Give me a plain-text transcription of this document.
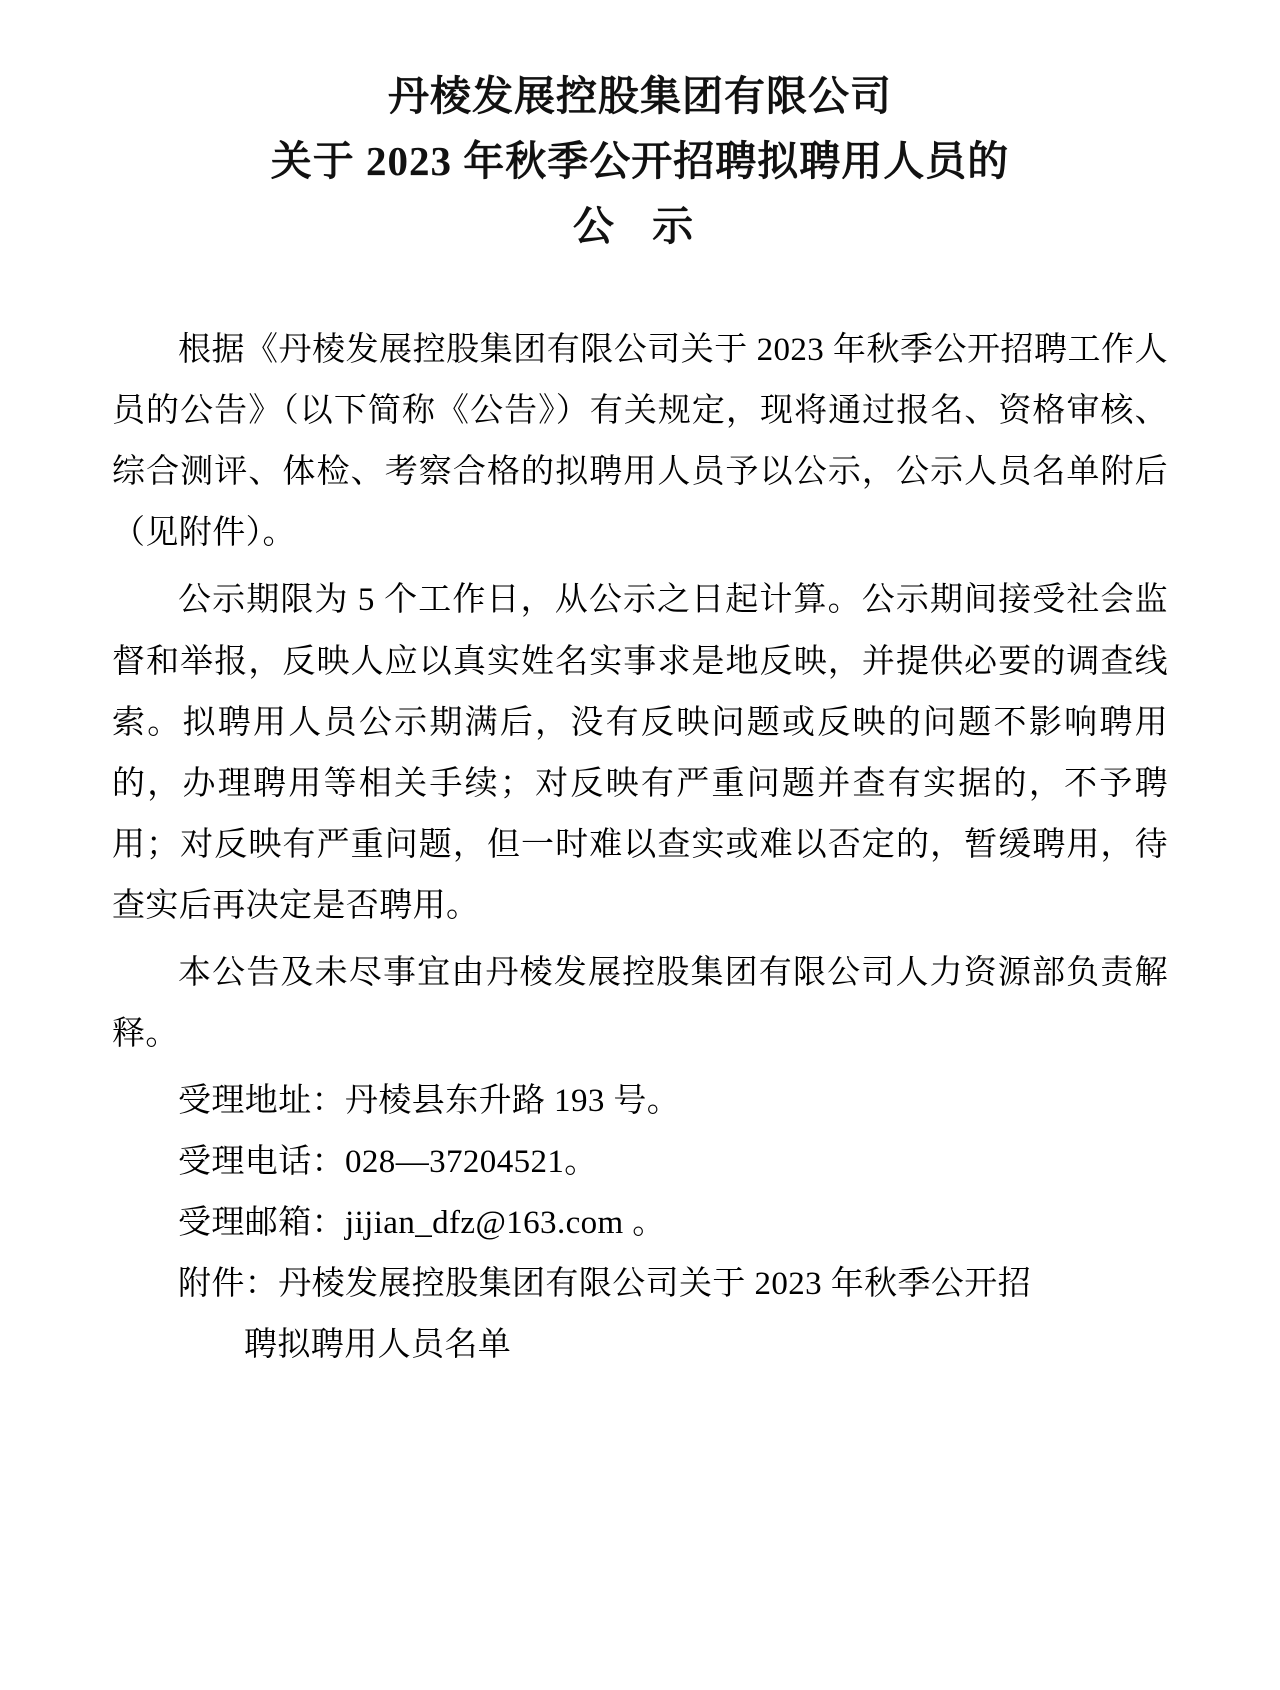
丹棱发展控股集团有限公司
关于 2023 年秋季公开招聘拟聘用人员的
公 示

根据《丹棱发展控股集团有限公司关于 2023 年秋季公开招聘工作人员的公告》（以下简称《公告》）有关规定，现将通过报名、资格审核、综合测评、体检、考察合格的拟聘用人员予以公示，公示人员名单附后（见附件）。

公示期限为 5 个工作日，从公示之日起计算。公示期间接受社会监督和举报，反映人应以真实姓名实事求是地反映，并提供必要的调查线索。拟聘用人员公示期满后，没有反映问题或反映的问题不影响聘用的，办理聘用等相关手续；对反映有严重问题并查有实据的，不予聘用；对反映有严重问题，但一时难以查实或难以否定的，暂缓聘用，待查实后再决定是否聘用。

本公告及未尽事宜由丹棱发展控股集团有限公司人力资源部负责解释。

受理地址：丹棱县东升路 193 号。

受理电话：028—37204521。

受理邮箱：jijian_dfz@163.com 。

附件：丹棱发展控股集团有限公司关于 2023 年秋季公开招

聘拟聘用人员名单
